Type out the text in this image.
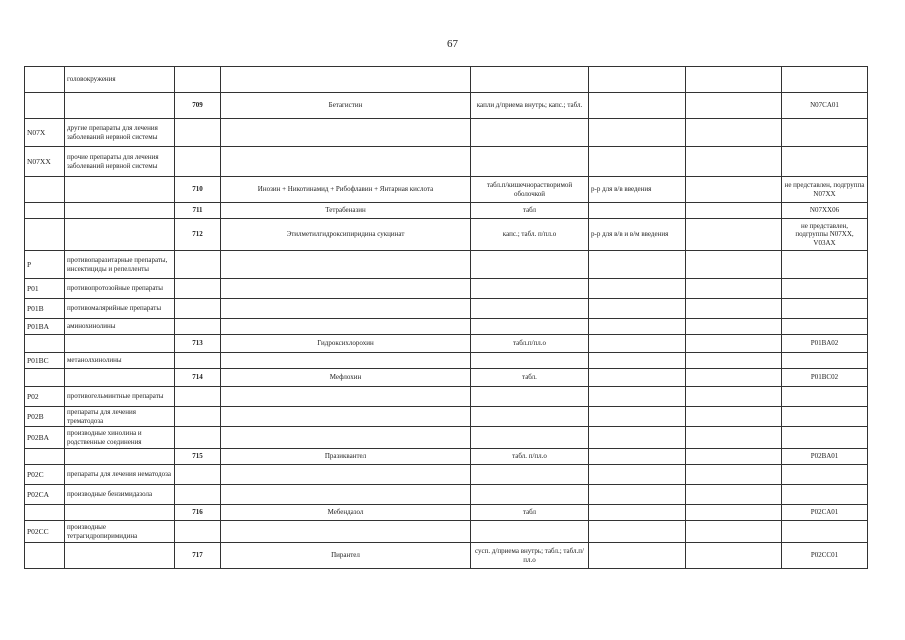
67
	головокружения						
		709	Бетагистин	капли д/приема внутрь; капс.; табл.			N07CA01
N07X	другие препараты для лечения заболеваний нервной системы						
N07XX	прочие препараты для лечения заболеваний нервной системы						
		710	Инозин + Никотинамид + Рибофлавин + Янтарная кислота	табл.п/кишечнорастворимой оболочкой	р-р для в/в введения		не представлен, подгруппа N07XX
		711	Тетрабеназин	табл			N07XX06
		712	Этилметилгидроксипиридина сукцинат	капс.; табл. п/пл.о	р-р для в/в и в/м введения		не представлен, подгруппы N07XX, V03AX
P	противопаразитарные препараты, инсектициды и репелленты						
P01	противопротозойные препараты						
P01B	противомалярийные препараты						
P01BA	аминохинолины						
		713	Гидроксихлорохин	табл.п/пл.о			P01BA02
P01BC	метанолхинолины						
		714	Мефлохин	табл.			P01BC02
P02	противогельминтные препараты						
P02B	препараты для лечения трематодоза						
P02BA	производные хинолина и родственные соединения						
		715	Празиквантел	табл. п/пл.о			P02BA01
P02C	препараты для лечения нематодоза						
P02CA	производные бензимидазола						
		716	Мебендазол	табл			P02CA01
P02CC	производные тетрагидропиримидина						
		717	Пирантел	сусп. д/приема внутрь; табл.; табл.п/пл.о			P02CC01
